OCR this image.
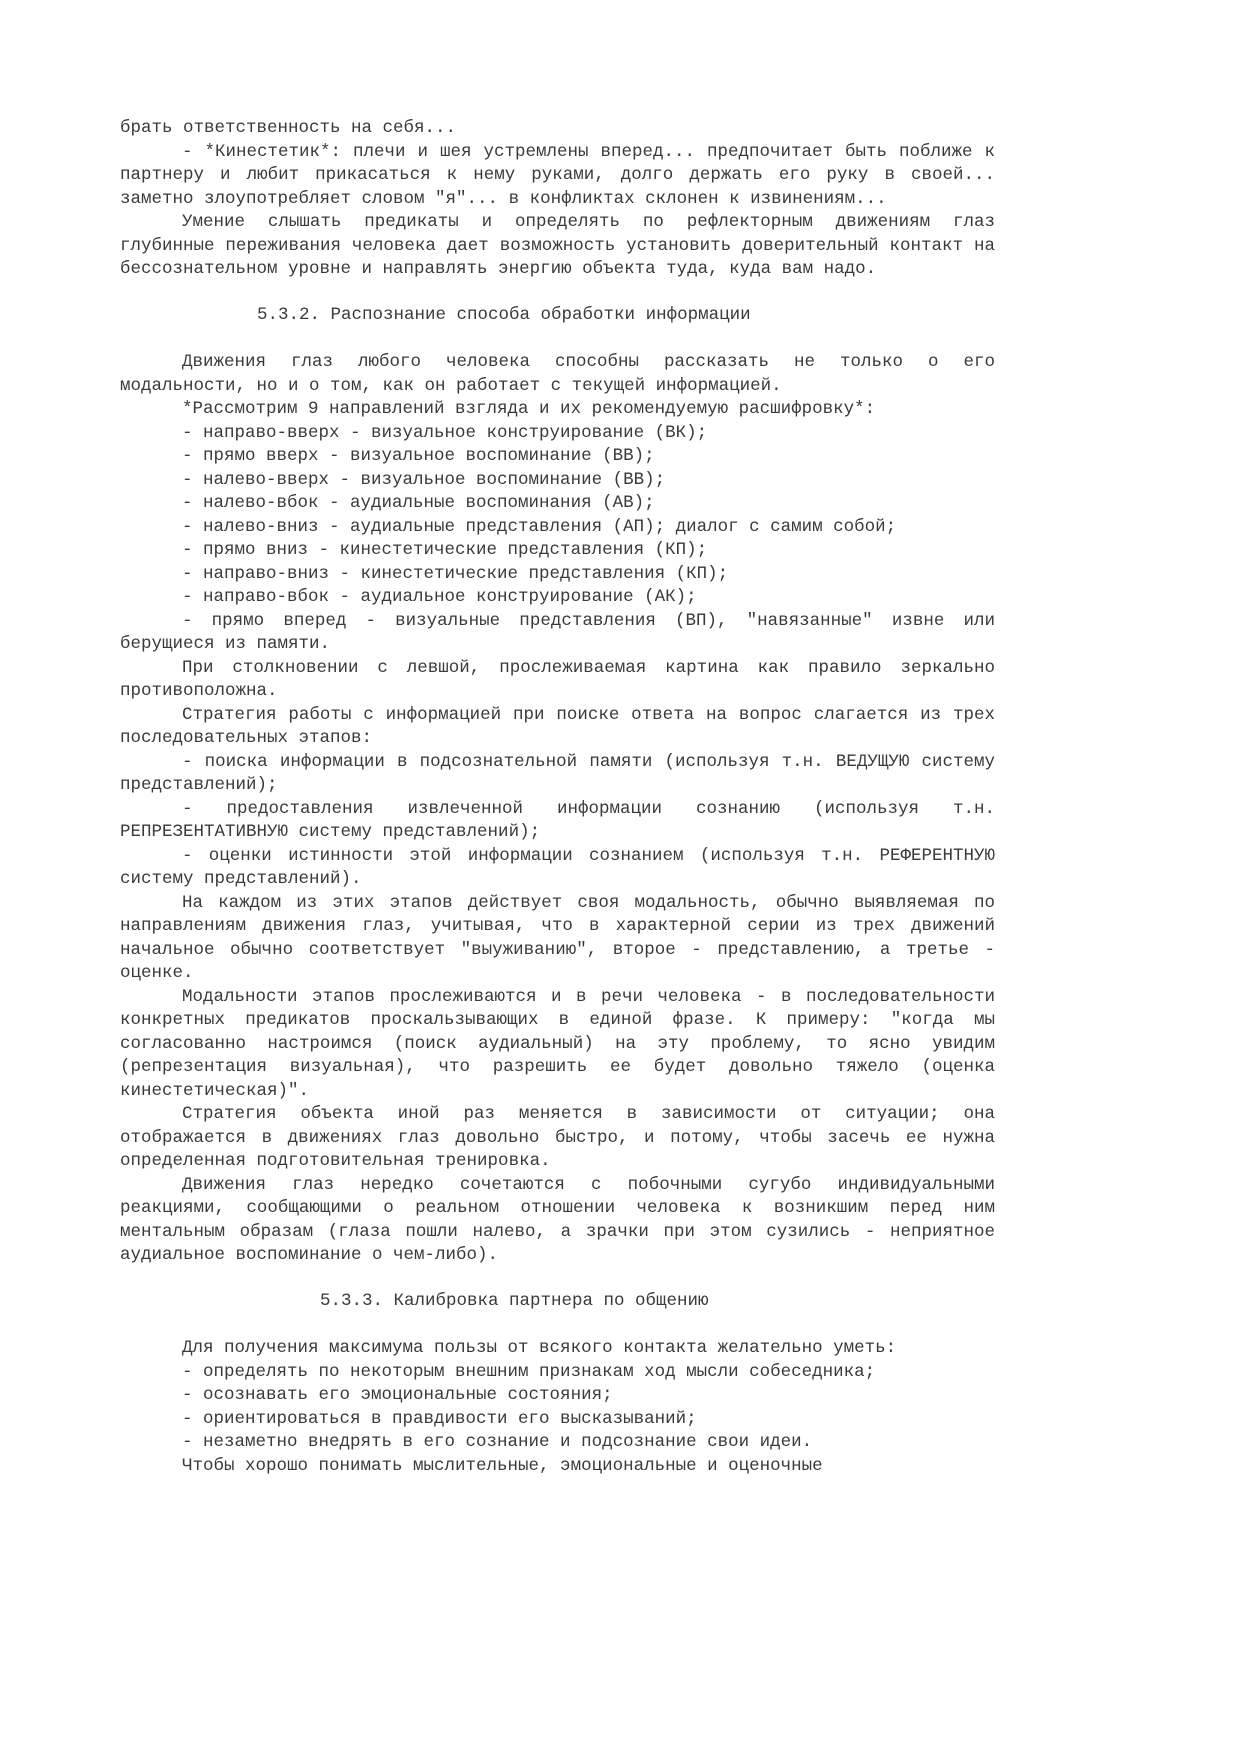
брать ответственность на себя...

- *Кинестетик*: плечи и шея устремлены вперед... предпочитает быть поближе к партнеру и любит прикасаться к нему руками, долго держать его руку в своей... заметно злоупотребляет словом "я"... в конфликтах склонен к извинениям...

Умение слышать предикаты и определять по рефлекторным движениям глаз глубинные переживания человека дает возможность установить доверительный контакт на бессознательном уровне и направлять энергию объекта туда, куда вам надо.

5.3.2. Распознание способа обработки информации

Движения глаз любого человека способны рассказать не только о его модальности, но и о том, как он работает с текущей информацией.

*Рассмотрим 9 направлений взгляда и их рекомендуемую расшифровку*:

- направо-вверх - визуальное конструирование (ВК);

- прямо вверх - визуальное воспоминание (ВВ);

- налево-вверх - визуальное воспоминание (ВВ);

- налево-вбок - аудиальные воспоминания (АВ);

- налево-вниз - аудиальные представления (АП); диалог с самим собой;

- прямо вниз - кинестетические представления (КП);

- направо-вниз - кинестетические представления (КП);

- направо-вбок - аудиальное конструирование (АК);

- прямо вперед - визуальные представления (ВП), "навязанные" извне или берущиеся из памяти.

При столкновении с левшой, прослеживаемая картина как правило зеркально противоположна.

Стратегия работы с информацией при поиске ответа на вопрос слагается из трех последовательных этапов:

- поиска информации в подсознательной памяти (используя т.н. ВЕДУЩУЮ систему представлений);

- предоставления извлеченной информации сознанию (используя т.н. РЕПРЕЗЕНТАТИВНУЮ систему представлений);

- оценки истинности этой информации сознанием (используя т.н. РЕФЕРЕНТНУЮ систему представлений).

На каждом из этих этапов действует своя модальность, обычно выявляемая по направлениям движения глаз, учитывая, что в характерной серии из трех движений начальное обычно соответствует "выуживанию", второе - представлению, а третье - оценке.

Модальности этапов прослеживаются и в речи человека - в последовательности конкретных предикатов проскальзывающих в единой фразе. К примеру: "когда мы согласованно настроимся (поиск аудиальный) на эту проблему, то ясно увидим (репрезентация визуальная), что разрешить ее будет довольно тяжело (оценка кинестетическая)".

Стратегия объекта иной раз меняется в зависимости от ситуации; она отображается в движениях глаз довольно быстро, и потому, чтобы засечь ее нужна определенная подготовительная тренировка.

Движения глаз нередко сочетаются с побочными сугубо индивидуальными реакциями, сообщающими о реальном отношении человека к возникшим перед ним ментальным образам (глаза пошли налево, а зрачки при этом сузились - неприятное аудиальное воспоминание о чем-либо).

5.3.3. Калибровка партнера по общению

Для получения максимума пользы от всякого контакта желательно уметь:

- определять по некоторым внешним признакам ход мысли собеседника;

- осознавать его эмоциональные состояния;

- ориентироваться в правдивости его высказываний;

- незаметно внедрять в его сознание и подсознание свои идеи.

Чтобы хорошо понимать мыслительные, эмоциональные и оценочные
